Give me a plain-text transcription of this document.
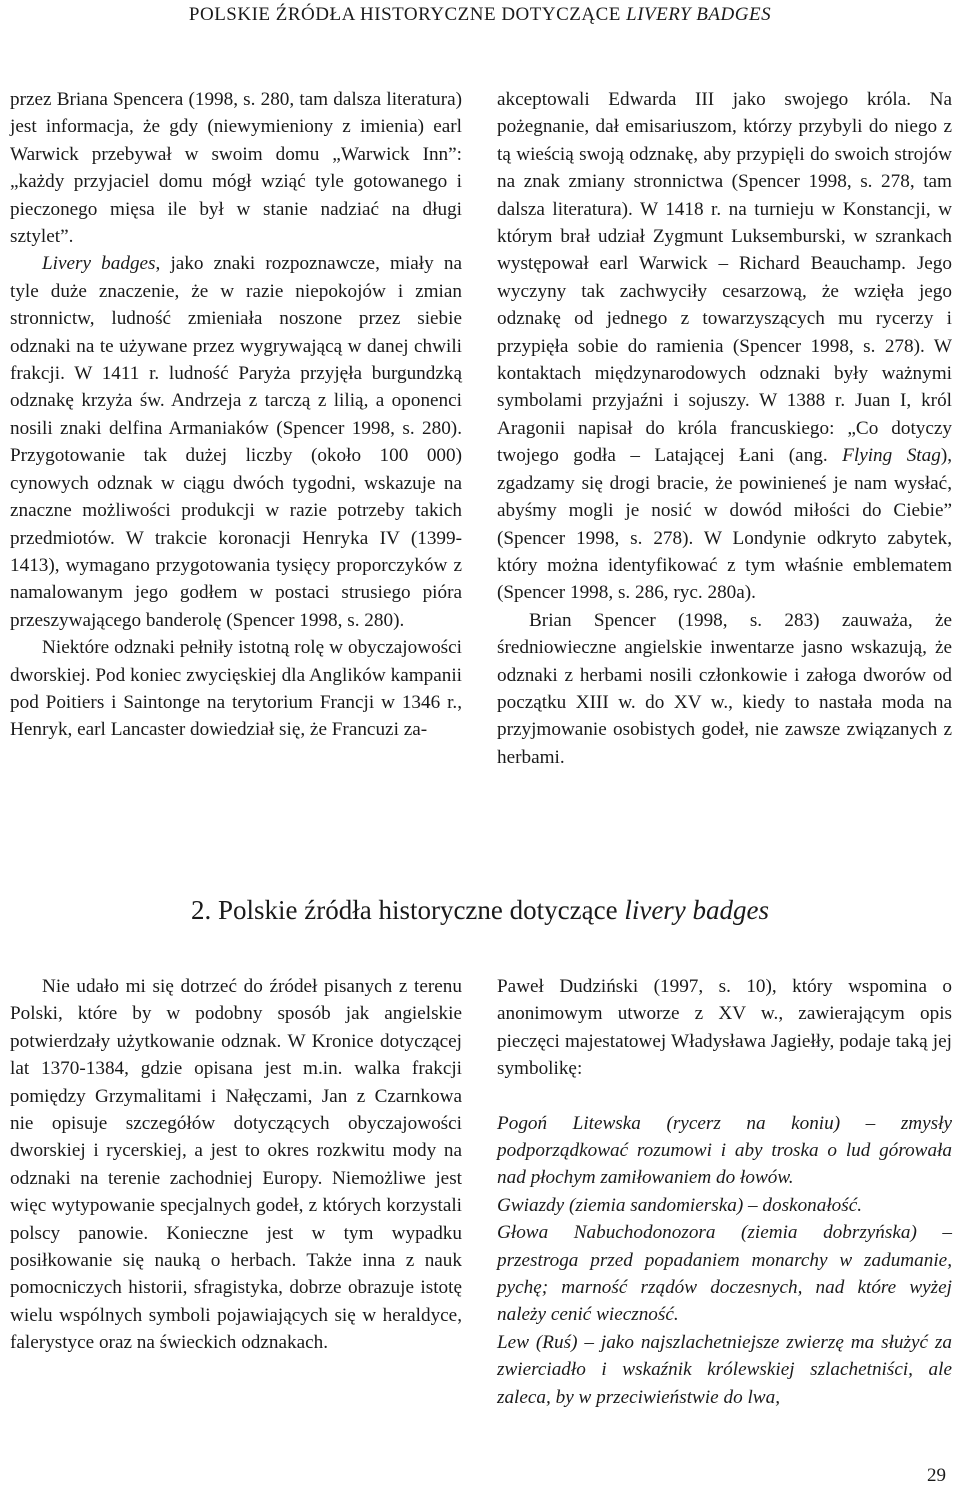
POLSKIE ŹRÓDŁA HISTORYCZNE DOTYCZĄCE LIVERY BADGES

przez Briana Spencera (1998, s. 280, tam dalsza literatura) jest informacja, że gdy (niewymieniony z imienia) earl Warwick przebywał w swoim domu „Warwick Inn”: „każdy przyjaciel domu mógł wziąć tyle gotowanego i pieczonego mięsa ile był w stanie nadziać na długi sztylet”.

Livery badges, jako znaki rozpoznawcze, miały na tyle duże znaczenie, że w razie niepokojów i zmian stronnictw, ludność zmieniała noszone przez siebie odznaki na te używane przez wygrywającą w danej chwili frakcji. W 1411 r. ludność Paryża przyjęła burgundzką odznakę krzyża św. Andrzeja z tarczą z lilią, a oponenci nosili znaki delfina Armaniaków (Spencer 1998, s. 280). Przygotowanie tak dużej liczby (około 100 000) cynowych odznak w ciągu dwóch tygodni, wskazuje na znaczne możliwości produkcji w razie potrzeby takich przedmiotów. W trakcie koronacji Henryka IV (1399-1413), wymagano przygotowania tysięcy proporczyków z namalowanym jego godłem w postaci strusiego pióra przeszywającego banderolę (Spencer 1998, s. 280).

Niektóre odznaki pełniły istotną rolę w obyczajowości dworskiej. Pod koniec zwycięskiej dla Anglików kampanii pod Poitiers i Saintonge na terytorium Francji w 1346 r., Henryk, earl Lancaster dowiedział się, że Francuzi za-

akceptowali Edwarda III jako swojego króla. Na pożegnanie, dał emisariuszom, którzy przybyli do niego z tą wieścią swoją odznakę, aby przypięli do swoich strojów na znak zmiany stronnictwa (Spencer 1998, s. 278, tam dalsza literatura). W 1418 r. na turnieju w Konstancji, w którym brał udział Zygmunt Luksemburski, w szrankach występował earl Warwick – Richard Beauchamp. Jego wyczyny tak zachwyciły cesarzową, że wzięła jego odznakę od jednego z towarzyszących mu rycerzy i przypięła sobie do ramienia (Spencer 1998, s. 278). W kontaktach międzynarodowych odznaki były ważnymi symbolami przyjaźni i sojuszy. W 1388 r. Juan I, król Aragonii napisał do króla francuskiego: „Co dotyczy twojego godła – Latającej Łani (ang. Flying Stag), zgadzamy się drogi bracie, że powinieneś je nam wysłać, abyśmy mogli je nosić w dowód miłości do Ciebie” (Spencer 1998, s. 278). W Londynie odkryto zabytek, który można identyfikować z tym właśnie emblematem (Spencer 1998, s. 286, ryc. 280a).

Brian Spencer (1998, s. 283) zauważa, że średniowieczne angielskie inwentarze jasno wskazują, że odznaki z herbami nosili członkowie i załoga dworów od początku XIII w. do XV w., kiedy to nastała moda na przyjmowanie osobistych godeł, nie zawsze związanych z herbami.

2. Polskie źródła historyczne dotyczące livery badges

Nie udało mi się dotrzeć do źródeł pisanych z terenu Polski, które by w podobny sposób jak angielskie potwierdzały użytkowanie odznak. W Kronice dotyczącej lat 1370-1384, gdzie opisana jest m.in. walka frakcji pomiędzy Grzymalitami i Nałęczami, Jan z Czarnkowa nie opisuje szczegółów dotyczących obyczajowości dworskiej i rycerskiej, a jest to okres rozkwitu mody na odznaki na terenie zachodniej Europy. Niemożliwe jest więc wytypowanie specjalnych godeł, z których korzystali polscy panowie. Konieczne jest w tym wypadku posiłkowanie się nauką o herbach. Także inna z nauk pomocniczych historii, sfragistyka, dobrze obrazuje istotę wielu wspólnych symboli pojawiających się w heraldyce, falerystyce oraz na świeckich odznakach.

Paweł Dudziński (1997, s. 10), który wspomina o anonimowym utworze z XV w., zawierającym opis pieczęci majestatowej Władysława Jagiełły, podaje taką jej symbolikę:

Pogoń Litewska (rycerz na koniu) – zmysły podporządkować rozumowi i aby troska o lud górowała nad płochym zamiłowaniem do łowów.

Gwiazdy (ziemia sandomierska) – doskonałość.

Głowa Nabuchodonozora (ziemia dobrzyńska) – przestroga przed popadaniem monarchy w zadumanie, pychę; marność rządów doczesnych, nad które wyżej należy cenić wieczność.

Lew (Ruś) – jako najszlachetniejsze zwierzę ma służyć za zwierciadło i wskaźnik królewskiej szlachetniści, ale zaleca, by w przeciwieństwie do lwa,

29
